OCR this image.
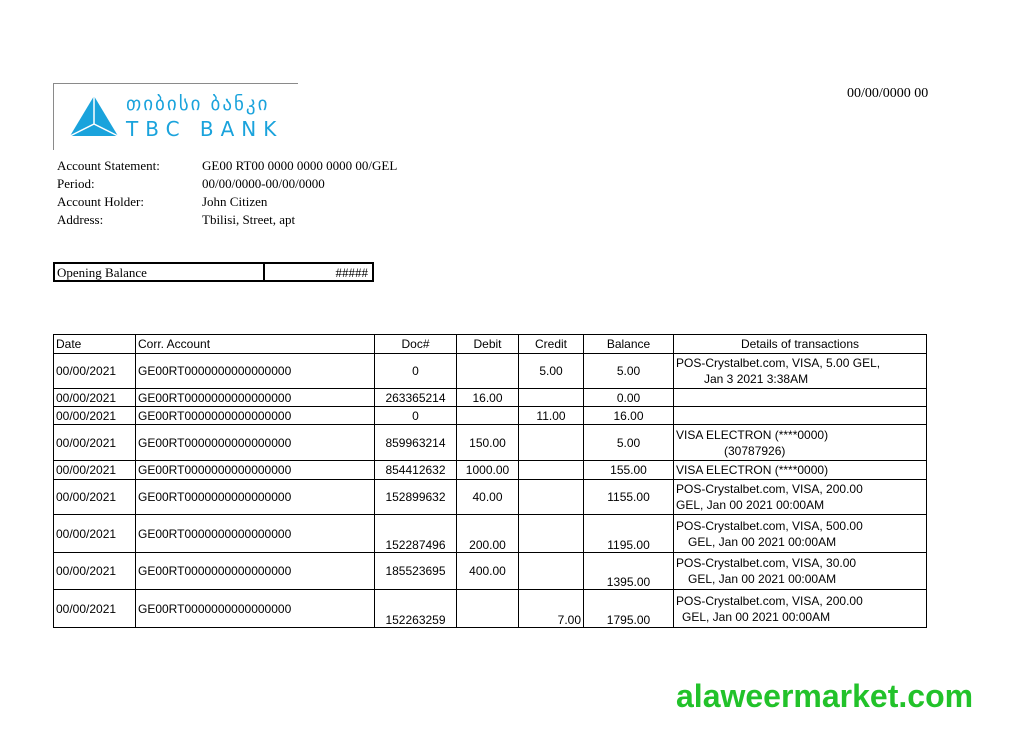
თიბისი ბანკი
TBC BANK
00/00/0000 00
Account Statement:	GE00 RT00 0000 0000 0000 00/GEL
Period:	00/00/0000-00/00/0000
Account Holder:	John Citizen
Address:	Tbilisi, Street, apt
Opening Balance	#####
Date	Corr. Account	Doc#	Debit	Credit	Balance	Details of transactions
00/00/2021	GE00RT0000000000000000	0		5.00	5.00	POS-Crystalbet.com, VISA, 5.00 GEL,
Jan 3 2021 3:38AM

00/00/2021	GE00RT0000000000000000	263365214	16.00		0.00	
00/00/2021	GE00RT0000000000000000	0		11.00	16.00	
00/00/2021	GE00RT0000000000000000	859963214	150.00		5.00	VISA ELECTRON (****0000)
(30787926)

00/00/2021	GE00RT0000000000000000	854412632	1000.00		155.00	VISA ELECTRON (****0000)
00/00/2021	GE00RT0000000000000000	152899632	40.00		1155.00	POS-Crystalbet.com, VISA, 200.00
GEL, Jan 00 2021 00:00AM

00/00/2021	GE00RT0000000000000000	152287496	200.00		1195.00	POS-Crystalbet.com, VISA, 500.00
GEL, Jan 00 2021 00:00AM

00/00/2021	GE00RT0000000000000000	185523695	400.00		1395.00	POS-Crystalbet.com, VISA, 30.00
GEL, Jan 00 2021 00:00AM

00/00/2021	GE00RT0000000000000000	152263259		7.00	1795.00	POS-Crystalbet.com, VISA, 200.00
GEL, Jan 00 2021 00:00AM
alaweermarket.com
